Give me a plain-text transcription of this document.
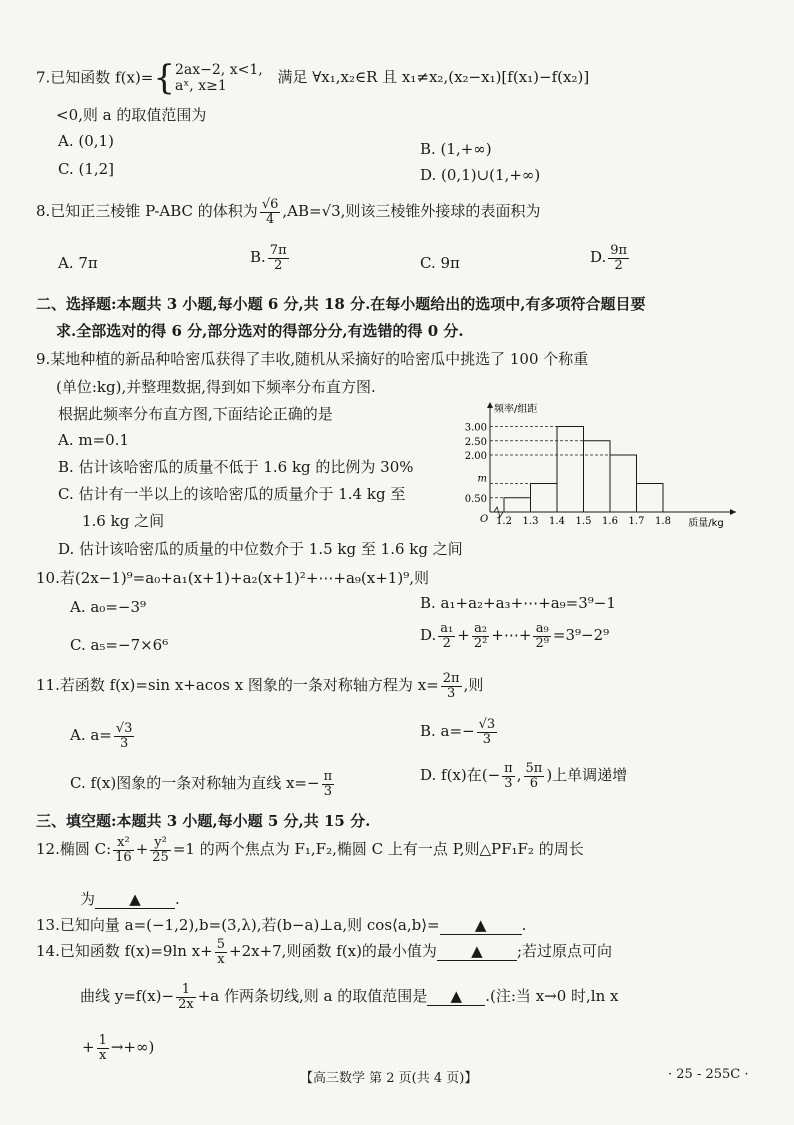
7.已知函数 f(x)={ 2ax−2, x<1,
aˣ, x≥1	满足 ∀x₁,x₂∈R 且 x₁≠x₂,(x₂−x₁)[f(x₁)−f(x₂)]
<0,则 a 的取值范围为
A. (0,1)	B. (1,+∞)
C. (1,2]	D. (0,1)∪(1,+∞)
8.已知正三棱锥 P-ABC 的体积为 $\frac{√6}{4} ,AB=√3$,则该三棱锥外接球的表面积为
A. 7π	B. $\frac{7\pi}{2}$	C. 9π	D. $\frac{9\pi}{2}$
二、选择题:本题共 3 小题,每小题 6 分,共 18 分.在每小题给出的选项中,有多项符合题目要
求.全部选对的得 6 分,部分选对的得部分分,有选错的得 0 分.
9.某地种植的新品种哈密瓜获得了丰收,随机从采摘好的哈密瓜中挑选了 100 个称重
(单位:kg),并整理数据,得到如下频率分布直方图.
根据此频率分布直方图,下面结论正确的是
A. m=0.1
B. 估计该哈密瓜的质量不低于 1.6 kg 的比例为 30%
C. 估计有一半以上的该哈密瓜的质量介于 1.4 kg 至
1.6 kg 之间
D. 估计该哈密瓜的质量的中位数介于 1.5 kg 至 1.6 kg 之间
m
0.50
2.00
2.50
3.00
1.2 1.3 1.4 1.5 1.6 1.7 1.8
O
频率/组距
质量/kg
10.若(2x−1)⁹=a₀+a₁(x+1)+a₂(x+1)²+⋯+a₉(x+1)⁹,则
A. a₀=−3⁹	B. a₁+a₂+a₃+⋯+a₉=3⁹−1
C. a₅=−7×6⁶
D. $\frac{\text{a₁}}{2} + \frac{\text{a₂}}{\text{2²}}$ +⋯+ $\frac{\text{a₉}}{\text{2⁹}} =3^9-2^9$
11.若函数 f(x)=sin x+acos x 图象的一条对称轴方程为 $x= \frac{2\pi}{3}$ ,则
A. $a= \frac{√3}{3}$	B. $a=- \frac{√3}{3}$
C. f(x)图象的一条对称轴为直线 $x=- \frac{\pi}{3}$	D. f(x)在(− $\frac{\pi}{3}$ , $\frac{5\pi}{6}$ )上单调递增
三、填空题:本题共 3 小题,每小题 5 分,共 15 分.
12.椭圆 C: $\frac{\text{x²}}{16} + \frac{\text{y²}}{25} =1$ 的两个焦点为 F₁,F₂,椭圆 C 上有一点 P,则△PF₁F₂ 的周长
为 ▲ .
13.已知向量 a=(−1,2),b=(3,λ),若(b−a)⊥a,则 cos⟨a,b⟩= ▲ .
14.已知函数 f(x)=9ln $x+ \frac{5}{x} +2x+7$,则函数 f(x)的最小值为 ▲ ;若过原点可向
曲线 $y=f(x)- \frac{1}{2x} +a$ 作两条切线,则 a 的取值范围是 ▲ .(注:当 x→0 时,ln x
+ $\frac{1}{x}$ →+∞)
【高三数学 第 2 页(共 4 页)】	· 25 - 255C ·
